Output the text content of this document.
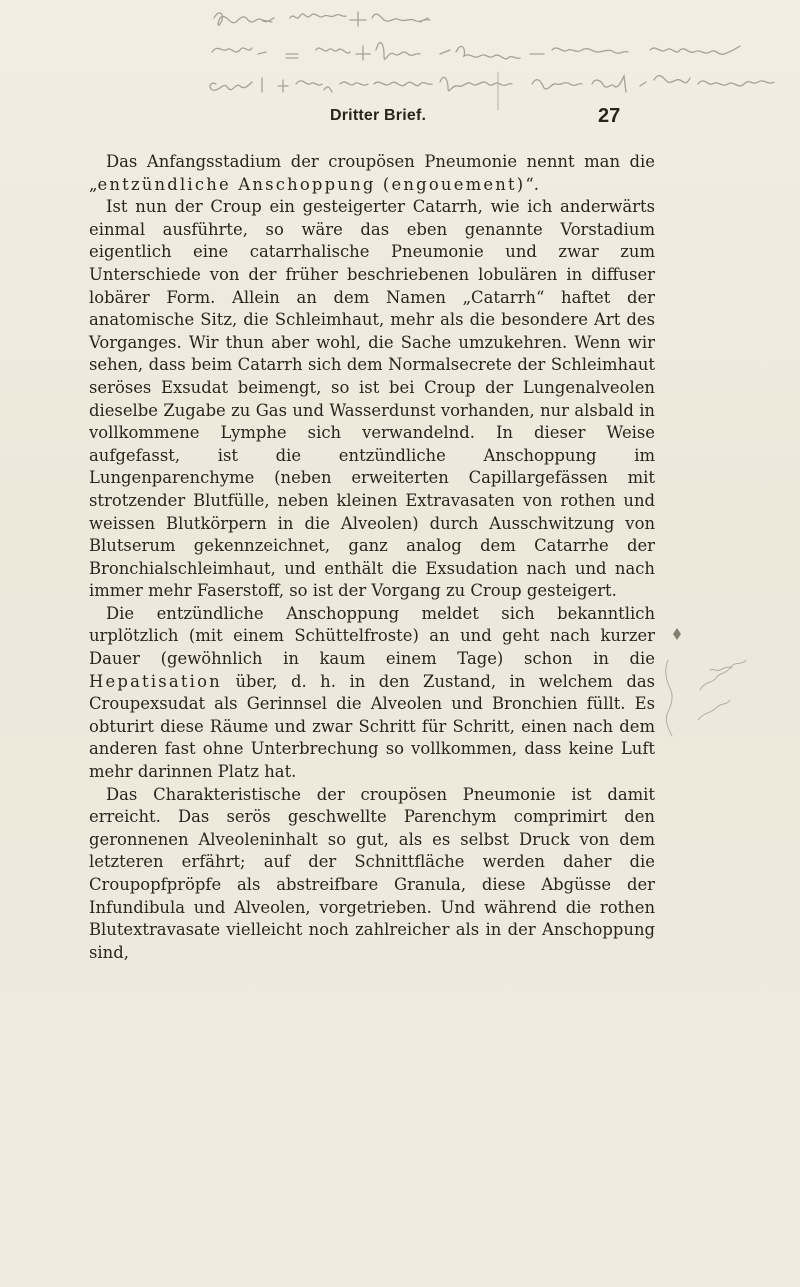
Dritter Brief.	27

Das Anfangsstadium der croupösen Pneumonie nennt man die „entzündliche Anschoppung (engouement)“.

Ist nun der Croup ein gesteigerter Catarrh, wie ich anderwärts einmal ausführte, so wäre das eben genannte Vorstadium eigentlich eine catarrhalische Pneumonie und zwar zum Unterschiede von der früher beschriebenen lobulären in diffuser lobärer Form. Allein an dem Namen „Catarrh“ haftet der anatomische Sitz, die Schleimhaut, mehr als die besondere Art des Vorganges. Wir thun aber wohl, die Sache umzukehren. Wenn wir sehen, dass beim Catarrh sich dem Normalsecrete der Schleimhaut seröses Exsudat beimengt, so ist bei Croup der Lungenalveolen dieselbe Zugabe zu Gas und Wasserdunst vorhanden, nur alsbald in vollkommene Lymphe sich verwandelnd. In dieser Weise aufgefasst, ist die entzündliche Anschoppung im Lungenparenchyme (neben erweiterten Capillargefässen mit strotzender Blutfülle, neben kleinen Extravasaten von rothen und weissen Blutkörpern in die Alveolen) durch Ausschwitzung von Blutserum gekennzeichnet, ganz analog dem Catarrhe der Bronchialschleimhaut, und enthält die Exsudation nach und nach immer mehr Faserstoff, so ist der Vorgang zu Croup gesteigert.

Die entzündliche Anschoppung meldet sich bekanntlich urplötzlich (mit einem Schüttelfroste) an und geht nach kurzer Dauer (gewöhnlich in kaum einem Tage) schon in die Hepatisation über, d. h. in den Zustand, in welchem das Croupexsudat als Gerinnsel die Alveolen und Bronchien füllt. Es obturirt diese Räume und zwar Schritt für Schritt, einen nach dem anderen fast ohne Unterbrechung so vollkommen, dass keine Luft mehr darinnen Platz hat.

Das Charakteristische der croupösen Pneumonie ist damit erreicht. Das serös geschwellte Parenchym comprimirt den geronnenen Alveoleninhalt so gut, als es selbst Druck von dem letzteren erfährt; auf der Schnittfläche werden daher die Croupopfpröpfe als abstreifbare Granula, diese Abgüsse der Infundibula und Alveolen, vorgetrieben. Und während die rothen Blutextravasate vielleicht noch zahlreicher als in der Anschoppung sind,
